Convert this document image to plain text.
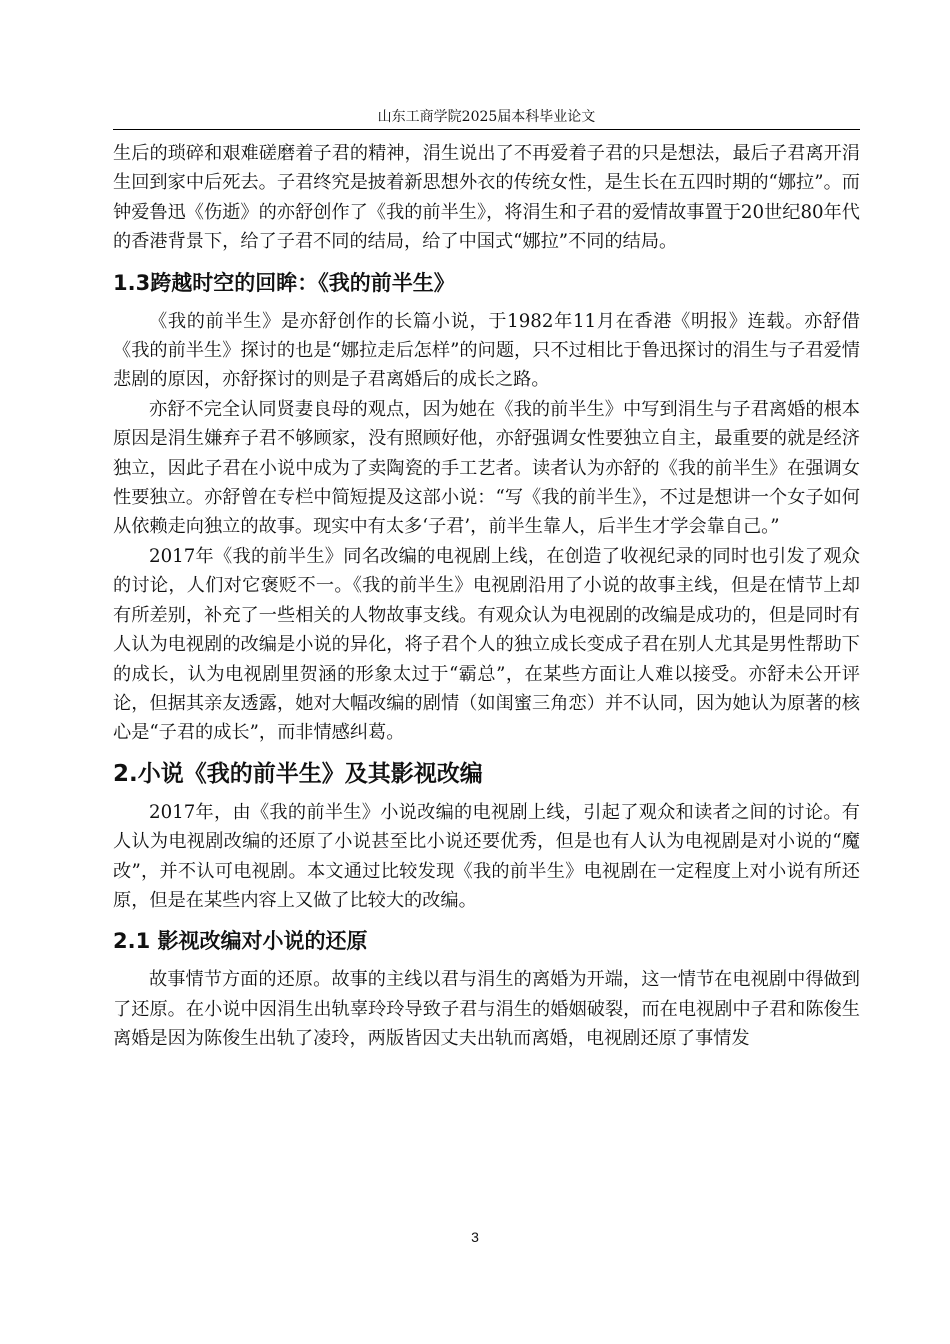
山东工商学院2025届本科毕业论文

生后的琐碎和艰难磋磨着子君的精神，涓生说出了不再爱着子君的只是想法，最后子君离开涓生回到家中后死去。子君终究是披着新思想外衣的传统女性，是生长在五四时期的“娜拉”。而钟爱鲁迅《伤逝》的亦舒创作了《我的前半生》，将涓生和子君的爱情故事置于20世纪80年代的香港背景下，给了子君不同的结局，给了中国式“娜拉”不同的结局。

1.3跨越时空的回眸：《我的前半生》

《我的前半生》是亦舒创作的长篇小说，于1982年11月在香港《明报》连载。亦舒借《我的前半生》探讨的也是“娜拉走后怎样”的问题，只不过相比于鲁迅探讨的涓生与子君爱情悲剧的原因，亦舒探讨的则是子君离婚后的成长之路。

亦舒不完全认同贤妻良母的观点，因为她在《我的前半生》中写到涓生与子君离婚的根本原因是涓生嫌弃子君不够顾家，没有照顾好他，亦舒强调女性要独立自主，最重要的就是经济独立，因此子君在小说中成为了卖陶瓷的手工艺者。读者认为亦舒的《我的前半生》在强调女性要独立。亦舒曾在专栏中简短提及这部小说：“写《我的前半生》，不过是想讲一个女子如何从依赖走向独立的故事。现实中有太多‘子君’，前半生靠人，后半生才学会靠自己。”

2017年《我的前半生》同名改编的电视剧上线，在创造了收视纪录的同时也引发了观众的讨论，人们对它褒贬不一。《我的前半生》电视剧沿用了小说的故事主线，但是在情节上却有所差别，补充了一些相关的人物故事支线。有观众认为电视剧的改编是成功的，但是同时有人认为电视剧的改编是小说的异化，将子君个人的独立成长变成子君在别人尤其是男性帮助下的成长，认为电视剧里贺涵的形象太过于“霸总”，在某些方面让人难以接受。亦舒未公开评论，但据其亲友透露，她对大幅改编的剧情（如闺蜜三角恋）并不认同，因为她认为原著的核心是“子君的成长”，而非情感纠葛。

2.小说《我的前半生》及其影视改编

2017年，由《我的前半生》小说改编的电视剧上线，引起了观众和读者之间的讨论。有人认为电视剧改编的还原了小说甚至比小说还要优秀，但是也有人认为电视剧是对小说的“魔改”，并不认可电视剧。本文通过比较发现《我的前半生》电视剧在一定程度上对小说有所还原，但是在某些内容上又做了比较大的改编。

2.1 影视改编对小说的还原

故事情节方面的还原。故事的主线以君与涓生的离婚为开端，这一情节在电视剧中得做到了还原。在小说中因涓生出轨辜玲玲导致子君与涓生的婚姻破裂，而在电视剧中子君和陈俊生离婚是因为陈俊生出轨了凌玲，两版皆因丈夫出轨而离婚，电视剧还原了事情发

3
